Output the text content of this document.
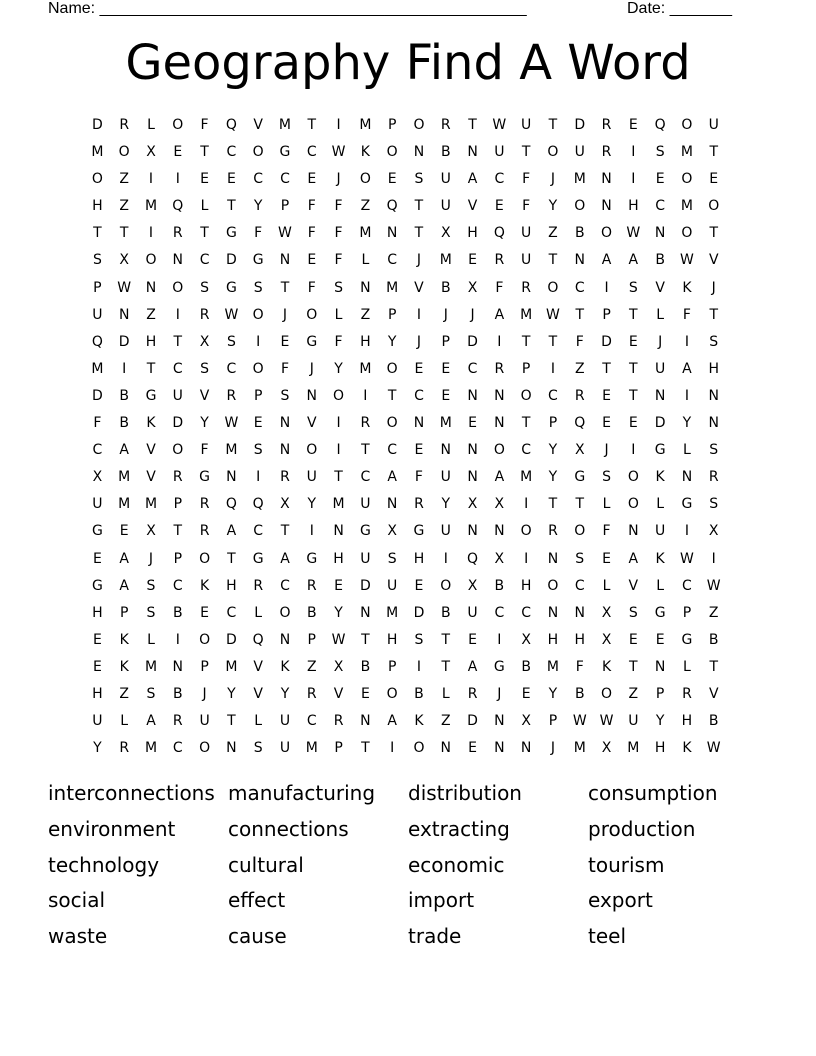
Name: ________________________________________________	Date: _______
Geography Find A Word
D	R	L	O	F	Q	V	M	T	I	M	P	O	R	T	W	U	T	D	R	E	Q	O	U
M	O	X	E	T	C	O	G	C	W	K	O	N	B	N	U	T	O	U	R	I	S	M	T
O	Z	I	I	E	E	C	C	E	J	O	E	S	U	A	C	F	J	M	N	I	E	O	E
H	Z	M	Q	L	T	Y	P	F	F	Z	Q	T	U	V	E	F	Y	O	N	H	C	M	O
T	T	I	R	T	G	F	W	F	F	M	N	T	X	H	Q	U	Z	B	O	W	N	O	T
S	X	O	N	C	D	G	N	E	F	L	C	J	M	E	R	U	T	N	A	A	B	W	V
P	W	N	O	S	G	S	T	F	S	N	M	V	B	X	F	R	O	C	I	S	V	K	J
U	N	Z	I	R	W	O	J	O	L	Z	P	I	J	J	A	M W	T	P	T	L	F	T
Q	D	H	T	X	S	I	E	G	F	H	Y	J	P	D	I	T	T	F	D	E	J	I	S
M	I	T	C	S	C	O	F	J	Y	M	O	E	E	C	R	P	I	Z	T	T	U	A	H
D	B	G	U	V	R	P	S	N	O	I	T	C	E	N	N	O	C	R	E	T	N	I	N
F	B	K	D	Y	W	E	N	V	I	R	O	N	M	E	N	T	P	Q	E	E	D	Y	N
C	A	V	O	F	M	S	N	O	I	T	C	E	N	N	O	C	Y	X	J	I	G	L	S
X	M	V	R	G	N	I	R	U	T	C	A	F	U	N	A	M	Y	G	S	O	K	N	R
U	M	M	P	R	Q	Q	X	Y	M	U	N	R	Y	X	X	I	T	T	L	O	L	G	S
G	E	X	T	R	A	C	T	I	N	G	X	G	U	N	N	O	R	O	F	N	U	I	X
E	A	J	P	O	T	G	A	G	H	U	S	H	I	Q	X	I	N	S	E	A	K	W	I
G	A	S	C	K	H	R	C	R	E	D	U	E	O	X	B	H	O	C	L	V	L	C	W
H	P	S	B	E	C	L	O	B	Y	N	M	D	B	U	C	C	N	N	X	S	G	P	Z
E	K	L	I	O	D	Q	N	P	W	T	H	S	T	E	I	X	H	H	X	E	E	G	B
E	K	M	N	P	M	V	K	Z	X	B	P	I	T	A	G	B	M	F	K	T	N	L	T
H	Z	S	B	J	Y	V	Y	R	V	E	O	B	L	R	J	E	Y	B	O	Z	P	R	V
U	L	A	R	U	T	L	U	C	R	N	A	K	Z	D	N	X	P	W W	U	Y	H	B
Y	R	M	C	O	N	S	U	M	P	T	I	O	N	E	N	N	J	M	X	M	H	K	W
interconnections manufacturing	distribution	consumption
environment	connections	extracting	production
technology	cultural	economic	tourism
social	effect	import	export
waste	cause	trade	teel
